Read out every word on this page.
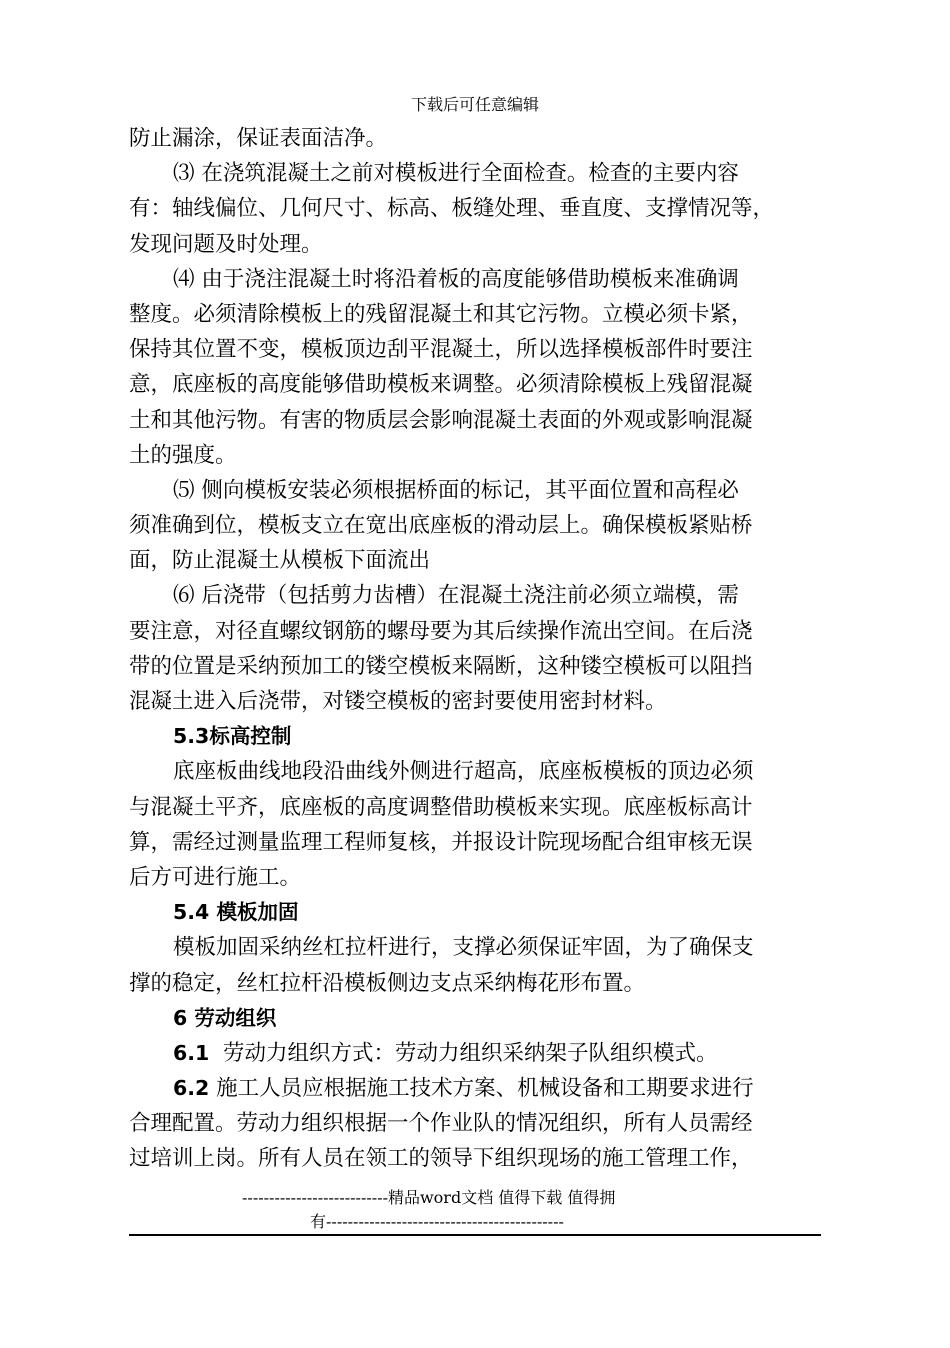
下载后可任意编辑
防止漏涂，保证表面洁净。
⑶ 在浇筑混凝土之前对模板进行全面检查。检查的主要内容
有：轴线偏位、几何尺寸、标高、板缝处理、垂直度、支撑情况等，
发现问题及时处理。
⑷ 由于浇注混凝土时将沿着板的高度能够借助模板来准确调
整度。必须清除模板上的残留混凝土和其它污物。立模必须卡紧，
保持其位置不变，模板顶边刮平混凝土，所以选择模板部件时要注
意，底座板的高度能够借助模板来调整。必须清除模板上残留混凝
土和其他污物。有害的物质层会影响混凝土表面的外观或影响混凝
土的强度。
⑸ 侧向模板安装必须根据桥面的标记，其平面位置和高程必
须准确到位，模板支立在宽出底座板的滑动层上。确保模板紧贴桥
面，防止混凝土从模板下面流出
⑹ 后浇带（包括剪力齿槽）在混凝土浇注前必须立端模，需
要注意，对径直螺纹钢筋的螺母要为其后续操作流出空间。在后浇
带的位置是采纳预加工的镂空模板来隔断，这种镂空模板可以阻挡
混凝土进入后浇带，对镂空模板的密封要使用密封材料。
5.3标高控制
底座板曲线地段沿曲线外侧进行超高，底座板模板的顶边必须
与混凝土平齐，底座板的高度调整借助模板来实现。底座板标高计
算，需经过测量监理工程师复核，并报设计院现场配合组审核无误
后方可进行施工。
5.4 模板加固
模板加固采纳丝杠拉杆进行，支撑必须保证牢固，为了确保支
撑的稳定，丝杠拉杆沿模板侧边支点采纳梅花形布置。
6 劳动组织
6.1 劳动力组织方式：劳动力组织采纳架子队组织模式。
6.2 施工人员应根据施工技术方案、机械设备和工期要求进行
合理配置。劳动力组织根据一个作业队的情况组织，所有人员需经
过培训上岗。所有人员在领工的领导下组织现场的施工管理工作，
---------------------------精品word文档 值得下载 值得拥
有--------------------------------------------
